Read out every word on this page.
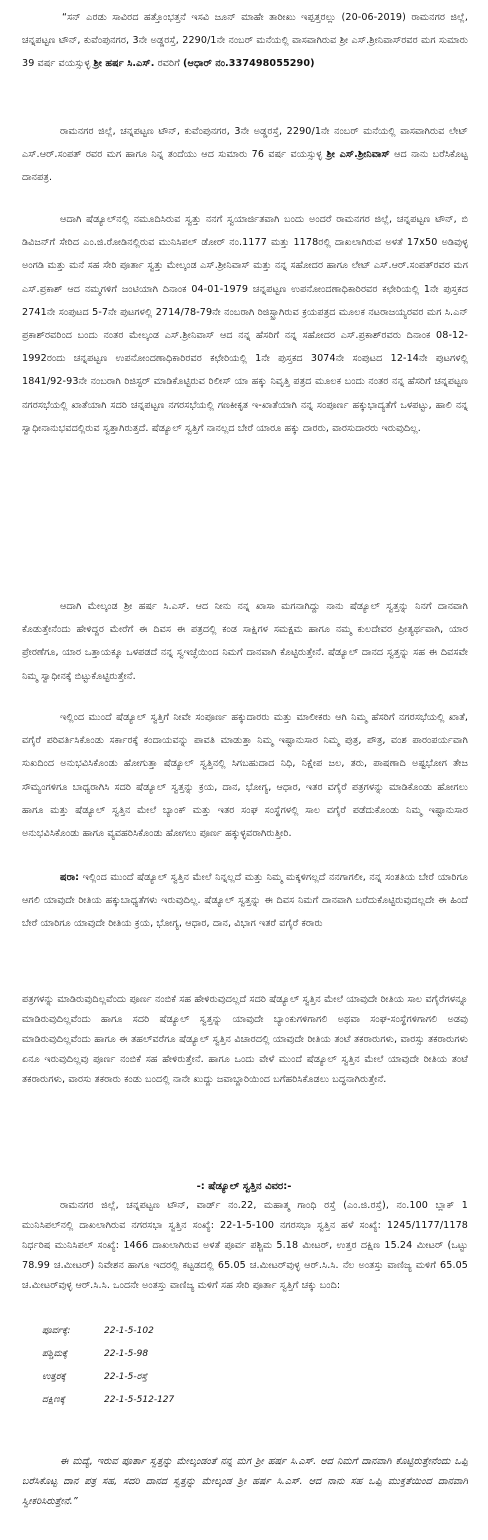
“ಸನ್ ಎರಡು ಸಾವಿರದ ಹತ್ತೊಂಭತ್ತನೆ ಇಸವಿ ಜೂನ್ ಮಾಹೇ ತಾರೀಖು ಇಪ್ಪತ್ತರಲ್ಲು (20-06-2019) ರಾಮನಗರ ಜಿಲ್ಲೆ, ಚನ್ನಪಟ್ಟಣ ಟೌನ್, ಕುವೆಂಪುನಗರ, 3ನೇ ಅಡ್ಡರಸ್ತೆ, 2290/1ನೇ ನಂಬರ್ ಮನೆಯಲ್ಲಿ ವಾಸವಾಗಿರುವ ಶ್ರೀ ಎಸ್.ಶ್ರೀನಿವಾಸ್‌ರವರ ಮಗ ಸುಮಾರು 39 ವರ್ಷ ವಯಸ್ಸುಳ್ಳ ಶ್ರೀ ಹರ್ಷ ಸಿ.ಎಸ್. ರವರಿಗೆ (ಆಧಾರ್ ನಂ.33749805529​0)
ರಾಮನಗರ ಜಿಲ್ಲೆ, ಚನ್ನಪಟ್ಟಣ ಟೌನ್, ಕುವೆಂಪುನಗರ, 3ನೇ ಅಡ್ಡರಸ್ತೆ, 2290/1ನೇ ನಂಬರ್ ಮನೆಯಲ್ಲಿ ವಾಸವಾಗಿರುವ ಲೇಟ್ ಎಸ್.ಆರ್.ಸಂಪತ್ ರವರ ಮಗ ಹಾಗೂ ನಿನ್ನ ತಂದೆಯು ಆದ ಸುಮಾರು 76 ವರ್ಷ ವಯಸ್ಸುಳ್ಳ ಶ್ರೀ ಎಸ್.ಶ್ರೀನಿವಾಸ್ ಆದ ನಾನು ಬರೆಸಿಕೊಟ್ಟ ದಾನಪತ್ರ.
ಆದಾಗಿ ಷೆಡ್ಯೂಲ್‌ನಲ್ಲಿ ನಮೂದಿಸಿರುವ ಸ್ವತ್ತು ನನಗೆ ಸ್ವಯಾರ್ಜಿತವಾಗಿ ಬಂದು ಅಂದರೆ ರಾಮನಗರ ಜಿಲ್ಲೆ, ಚನ್ನಪಟ್ಟಣ ಟೌನ್, ಬಿ ಡಿವಿಜನ್‌ಗೆ ಸೇರಿದ ಎಂ.ಜಿ.ರೋಡಿನಲ್ಲಿರುವ ಮುನಿಸಿಪಲ್ ಡೋರ್ ನಂ.1177 ಮತ್ತು 1178ರಲ್ಲಿ ದಾಖಲಾಗಿರುವ ಅಳತೆ 17x50 ಅಡಿವುಳ್ಳ ಅಂಗಡಿ ಮತ್ತು ಮನೆ ಸಹ ಸೇರಿ ಪೂರ್ತಾ ಸ್ವತ್ತು ಮೇಲ್ಕಂಡ ಎಸ್.ಶ್ರೀನಿವಾಸ್ ಮತ್ತು ನನ್ನ ಸಹೋದರ ಹಾಗೂ ಲೇಟ್ ಎಸ್.ಆರ್.ಸಂಪತ್‌ರವರ ಮಗ ಎಸ್.ಪ್ರಕಾಶ್ ಆದ ನಮ್ಮಗಳಿಗೆ ಜಂಟಿಯಾಗಿ ದಿನಾಂಕ 04-01-1979 ಚನ್ನಪಟ್ಟಣ ಉಪನೋಂದಣಾಧಿಕಾರಿರವರ ಕಛೇರಿಯಲ್ಲಿ 1ನೇ ಪುಸ್ತಕದ 2741ನೇ ಸಂಪುಟದ 5-7ನೇ ಪುಟಗಳಲ್ಲಿ 2714/78-79ನೇ ನಂಬರಾಗಿ ರಿಜಿಸ್ಟ್ರಾಗಿರುವ ಕ್ರಯಪತ್ರದ ಮೂಲಕ ನಟರಾಜಯ್ಯರವರ ಮಗ ಸಿ.ಎನ್ ಪ್ರಕಾಶ್‌ರವರಿಂದ ಬಂದು ನಂತರ ಮೇಲ್ಕಂಡ ಎಸ್.ಶ್ರೀನಿವಾಸ್ ಆದ ನನ್ನ ಹೆಸರಿಗೆ ನನ್ನ ಸಹೋದರ ಎಸ್.ಪ್ರಕಾಶ್‌ರವರು ದಿನಾಂಕ 08-12-1992ರಂದು ಚನ್ನಪಟ್ಟಣ ಉಪನೋಂದಣಾಧಿಕಾರಿರವರ ಕಛೇರಿಯಲ್ಲಿ 1ನೇ ಪುಸ್ತಕದ 3074ನೇ ಸಂಪುಟದ 12-14ನೇ ಪುಟಗಳಲ್ಲಿ 1841/92-93ನೇ ನಂಬರಾಗಿ ರಿಜಿಸ್ಟರ್ ಮಾಡಿಕೊಟ್ಟಿರುವ ರಿಲೀಸ್ ಯಾ ಹಕ್ಕು ನಿವೃತ್ತಿ ಪತ್ರದ ಮೂಲಕ ಬಂದು ನಂತರ ನನ್ನ ಹೆಸರಿಗೆ ಚನ್ನಪಟ್ಟಣ ನಗರಸಭೆಯಲ್ಲಿ ಖಾತೆಯಾಗಿ ಸದರಿ ಚನ್ನಪಟ್ಟಣ ನಗರಸಭೆಯಲ್ಲಿ ಗಣಕೀಕೃತ ಇ-ಖಾತೆಯಾಗಿ ನನ್ನ ಸಂಪೂರ್ಣ ಹಕ್ಕುಭಾದ್ಯತೆಗೆ ಒಳಪಟ್ಟು, ಹಾಲಿ ನನ್ನ ಸ್ವಾಧೀನಾನುಭವದಲ್ಲಿರುವ ಸ್ವತ್ತಾಗಿರುತ್ತದೆ. ಷೆಡ್ಯೂಲ್ ಸ್ವತ್ತಿಗೆ ನಾನಲ್ಲದ ಬೇರೆ ಯಾರೂ ಹಕ್ಕು ದಾರರು, ವಾರಸುದಾರರು ಇರುವುದಿಲ್ಲ.
ಆದಾಗಿ ಮೇಲ್ಕಂಡ ಶ್ರೀ ಹರ್ಷ ಸಿ.ಎಸ್. ಆದ ನೀನು ನನ್ನ ಖಾಸಾ ಮಗನಾಗಿದ್ದು ನಾನು ಷೆಡ್ಯೂಲ್ ಸ್ವತ್ತನ್ನು ನಿನಗೆ ದಾನವಾಗಿ ಕೊಡುತ್ತೇನೆಂದು ಹೇಳಿದ್ದರ ಮೇರೆಗೆ ಈ ದಿವಸ ಈ ಪತ್ರದಲ್ಲಿ ಕಂಡ ಸಾಕ್ಷಿಗಳ ಸಮಕ್ಷಮ ಹಾಗೂ ನಮ್ಮ ಕುಲದೇವರ ಪ್ರೀತ್ಯರ್ಥವಾಗಿ, ಯಾರ ಪ್ರೇರಣೆಗೂ, ಯಾರ ಒತ್ತಾಯಕ್ಕೂ ಒಳಪಡದೆ ನನ್ನ ಸ್ವಇಚ್ಛೆಯಿಂದ ನಿಮಗೆ ದಾನವಾಗಿ ಕೊಟ್ಟಿರುತ್ತೇನೆ. ಷೆಡ್ಯೂಲ್ ದಾನದ ಸ್ವತ್ತನ್ನು ಸಹ ಈ ದಿವಸವೇ ನಿಮ್ಮ ಸ್ವಾಧೀನಕ್ಕೆ ಬಿಟ್ಟುಕೊಟ್ಟಿರುತ್ತೇನೆ.
ಇಲ್ಲಿಂದ ಮುಂದೆ ಷೆಡ್ಯೂಲ್ ಸ್ವತ್ತಿಗೆ ನೀವೇ ಸಂಪೂರ್ಣ ಹಕ್ಕುದಾರರು ಮತ್ತು ಮಾಲೀಕರು ಆಗಿ ನಿಮ್ಮ ಹೆಸರಿಗೆ ನಗರಸಭೆಯಲ್ಲಿ ಖಾತೆ, ವಗೈರೆ ಪರಿವರ್ತಿಸಿಕೊಂಡು ಸರ್ಕಾರಕ್ಕೆ ಕಂದಾಯವನ್ನು ಪಾವತಿ ಮಾಡುತ್ತಾ ನಿಮ್ಮ ಇಷ್ಟಾನುಸಾರ ನಿಮ್ಮ ಪುತ್ರ, ಪೌತ್ರ, ವಂಶ ಪಾರಂಪರ್ಯವಾಗಿ ಸುಖದಿಂದ ಅನುಭವಿಸಿಕೊಂಡು ಹೋಗುತ್ತಾ ಷೆಡ್ಯೂಲ್ ಸ್ವತ್ತಿನಲ್ಲಿ ಸಿಗಬಹುದಾದ ನಿಧಿ, ನಿಕ್ಷೇಪ ಜಲ, ತರು, ಪಾಷಣಾದಿ ಅಷ್ಟಭೋಗ ತೇಜ ಸೌಮ್ಯಂಗಳಿಗೂ ಬಾಧ್ಯರಾಗಿಸಿ ಸದರಿ ಷೆಡ್ಯೂಲ್ ಸ್ವತ್ತನ್ನು ಕ್ರಯ, ದಾನ, ಭೋಗ್ಯ, ಆಧಾರ, ಇತರ ವಗೈರೆ ಪತ್ರಗಳನ್ನು ಮಾಡಿಕೊಂಡು ಹೋಗಲು ಹಾಗೂ ಮತ್ತು ಷೆಡ್ಯೂಲ್ ಸ್ವತ್ತಿನ ಮೇಲೆ ಬ್ಯಾಂಕ್ ಮತ್ತು ಇತರ ಸಂಘ ಸಂಸ್ಥೆಗಳಲ್ಲಿ ಸಾಲ ವಗೈರೆ ಪಡೆದುಕೊಂಡು ನಿಮ್ಮ ಇಷ್ಟಾನುಸಾರ ಅನುಭವಿಸಿಕೊಂಡು ಹಾಗೂ ವ್ಯವಹರಿಸಿಕೊಂಡು ಹೋಗಲು ಪೂರ್ಣ ಹಕ್ಕುಳ್ಳವರಾಗಿರುತ್ತೀರಿ.
ಷರಾ: ಇಲ್ಲಿಂದ ಮುಂದೆ ಷೆಡ್ಯೂಲ್ ಸ್ವತ್ತಿನ ಮೇಲೆ ನಿನ್ನಲ್ಲದೆ ಮತ್ತು ನಿಮ್ಮ ಮಕ್ಕಳಿಗಲ್ಲದೆ ನನಗಾಗಲೀ, ನನ್ನ ಸಂತತಿಯ ಬೇರೆ ಯಾರಿಗೂ ಆಗಲಿ ಯಾವುದೇ ರೀತಿಯ ಹಕ್ಕುಬಾಧ್ಯತೆಗಳು ಇರುವುದಿಲ್ಲ. ಷೆಡ್ಯೂಲ್ ಸ್ವತ್ತನ್ನು ಈ ದಿವಸ ನಿಮಗೆ ದಾನವಾಗಿ ಬರೆದುಕೊಟ್ಟಿರುವುದಲ್ಲದೇ ಈ ಹಿಂದೆ ಬೇರೆ ಯಾರಿಗೂ ಯಾವುದೇ ರೀತಿಯ ಕ್ರಯ, ಭೋಗ್ಯ, ಆಧಾರ, ದಾನ, ವಿಭಾಗ ಇತರೆ ವಗೈರೆ ಕರಾರು
ಪತ್ರಗಳನ್ನು ಮಾಡಿರುವುದಿಲ್ಲವೆಂದು ಪೂರ್ಣ ನಂಬಿಕೆ ಸಹ ಹೇಳಿರುವುದಲ್ಲದೆ ಸದರಿ ಷೆಡ್ಯೂಲ್ ಸ್ವತ್ತಿನ ಮೇಲೆ ಯಾವುದೇ ರೀತಿಯ ಸಾಲ ವಗೈರೆಗಳನ್ನೂ ಮಾಡಿರುವುದಿಲ್ಲವೆಂದು ಹಾಗೂ ಸದರಿ ಷೆಡ್ಯೂಲ್ ಸ್ವತ್ತನ್ನು ಯಾವುದೇ ಬ್ಯಾಂಕುಗಳಿಗಾಗಲಿ ಅಥವಾ ಸಂಘ-ಸಂಸ್ಥೆಗಳಿಗಾಗಲಿ ಅಡವು ಮಾಡಿರುವುದಿಲ್ಲವೆಂದು ಹಾಗೂ ಈ ತಹಲ್‌ವರೆಗೂ ಷೆಡ್ಯೂಲ್ ಸ್ವತ್ತಿನ ವಿಚಾರದಲ್ಲಿ ಯಾವುದೇ ರೀತಿಯ ತಂಟೆ ತಕರಾರುಗಳು, ವಾರಸ್ಸು ತಕರಾರುಗಳು ಏನೂ ಇರುವುದಿಲ್ಲವು ಪೂರ್ಣ ನಂಬಿಕೆ ಸಹ ಹೇಳಿರುತ್ತೇನೆ. ಹಾಗೂ ಒಂದು ವೇಳೆ ಮುಂದೆ ಷೆಡ್ಯೂಲ್ ಸ್ವತ್ತಿನ ಮೇಲೆ ಯಾವುದೇ ರೀತಿಯ ತಂಟೆ ತಕರಾರುಗಳು, ವಾರಸು ತಕರಾರು ಕಂಡು ಬಂದಲ್ಲಿ ನಾನೇ ಖುದ್ದು ಜವಾಬ್ದಾರಿಯಿಂದ ಬಗೆಹರಿಸಿಕೊಡಲು ಬದ್ಧನಾಗಿರುತ್ತೇನೆ.
-: ಷೆಡ್ಯೂಲ್ ಸ್ವತ್ತಿನ ವಿವರ:-
ರಾಮನಗರ ಜಿಲ್ಲೆ, ಚನ್ನಪಟ್ಟಣ ಟೌನ್, ವಾರ್ಡ್ ನಂ.22, ಮಹಾತ್ಮ ಗಾಂಧಿ ರಸ್ತೆ (ಎಂ.ಜಿ.ರಸ್ತೆ), ನಂ.100 ಬ್ಲಾಕ್ 1 ಮುನಿಸಿಪಲ್‌ನಲ್ಲಿ ದಾಖಲಾಗಿರುವ ನಗರಸಭಾ ಸ್ವತ್ತಿನ ಸಂಖ್ಯೆ: 22-1-5-100 ನಗರಸಭಾ ಸ್ವತ್ತಿನ ಹಳೆ ಸಂಖ್ಯೆ: 1245/1177/1178 ನಿರ್ಧರಿಷ ಮುನಿಸಿಪಲ್ ಸಂಖ್ಯೆ: 1466 ದಾಖಲಾಗಿರುವ ಅಳತೆ ಪೂರ್ವ ಪಶ್ಚಿಮ 5.18 ಮೀಟರ್, ಉತ್ತರ ದಕ್ಷಿಣ 15.24 ಮೀಟರ್ (ಒಟ್ಟು 78.99 ಚ.ಮೀಟರ್) ನಿವೇಶನ ಹಾಗೂ ಇದರಲ್ಲಿ ಕಟ್ಟಡದಲ್ಲಿ 65.05 ಚ.ಮೀಟರ್‌ವುಳ್ಳ ಆರ್.ಸಿ.ಸಿ. ನೆಲ ಅಂತಸ್ತು ವಾಣಿಜ್ಯ ಮಳಿಗೆ 65.05 ಚ.ಮೀಟರ್‌ವುಳ್ಳ ಆರ್.ಸಿ.ಸಿ. ಒಂದನೇ ಅಂತಸ್ತು ವಾಣಿಜ್ಯ ಮಳಿಗೆ ಸಹ ಸೇರಿ ಪೂರ್ತಾ ಸ್ವತ್ತಿಗೆ ಚಕ್ಕು ಬಂದಿ:
ಪೂರ್ವಕ್ಕೆ:	22-1-5-102
ಪಶ್ಚಿಮಕ್ಕೆ	22-1-5-98
ಉತ್ತರಕ್ಕೆ	22-1-5-ರಸ್ತೆ
ದಕ್ಷಿಣಕ್ಕೆ	22-1-5-512-127
ಈ ಮದ್ಯೆ, ಇರುವ ಪೂರ್ತಾ ಸ್ವತ್ತನ್ನು ಮೇಲ್ಕಂಡಂತೆ ನನ್ನ ಮಗ ಶ್ರೀ ಹರ್ಷ ಸಿ.ಎಸ್. ಆದ ನಿಮಗೆ ದಾನವಾಗಿ ಕೊಟ್ಟಿರುತ್ತೇನೆಂದು ಒಪ್ಪಿ ಬರೆಸಿಕೊಟ್ಟ ದಾನ ಪತ್ರ ಸಹ, ಸದರಿ ದಾನದ ಸ್ವತ್ತನ್ನು ಮೇಲ್ಕಂಡ ಶ್ರೀ ಹರ್ಷ ಸಿ.ಎಸ್. ಆದ ನಾನು ಸಹ ಒಪ್ಪಿ ಮುಕ್ತತೆಯಿಂದ ದಾನವಾಗಿ ಸ್ವೀಕರಿಸಿರುತ್ತೇನೆ.”
